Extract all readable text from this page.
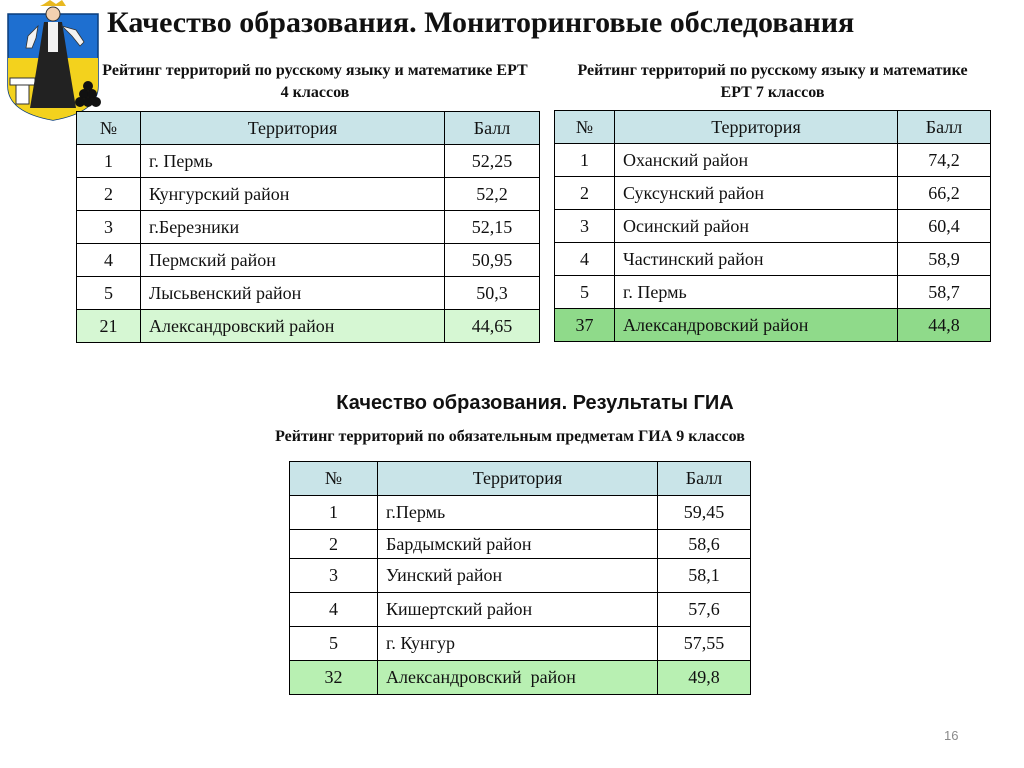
Качество образования. Мониторинговые обследования

Рейтинг территорий по русскому языку и математике ЕРТ 4 классов

Рейтинг территорий по русскому языку и математике ЕРТ 7 классов

№	Территория	Балл
1	г. Пермь	52,25
2	Кунгурский район	52,2
3	г.Березники	52,15
4	Пермский район	50,95
5	Лысьвенский район	50,3
21	Александровский район	44,65
№	Территория	Балл
1	Оханский район	74,2
2	Суксунский район	66,2
3	Осинский район	60,4
4	Частинский район	58,9
5	г. Пермь	58,7
37	Александровский район	44,8
Качество образования. Результаты ГИА

Рейтинг территорий по обязательным предметам ГИА 9 классов

№	Территория	Балл
1	г.Пермь	59,45
2	Бардымский район	58,6
3	Уинский район	58,1
4	Кишертский район	57,6
5	г. Кунгур	57,55
32	Александровский  район	49,8
16
